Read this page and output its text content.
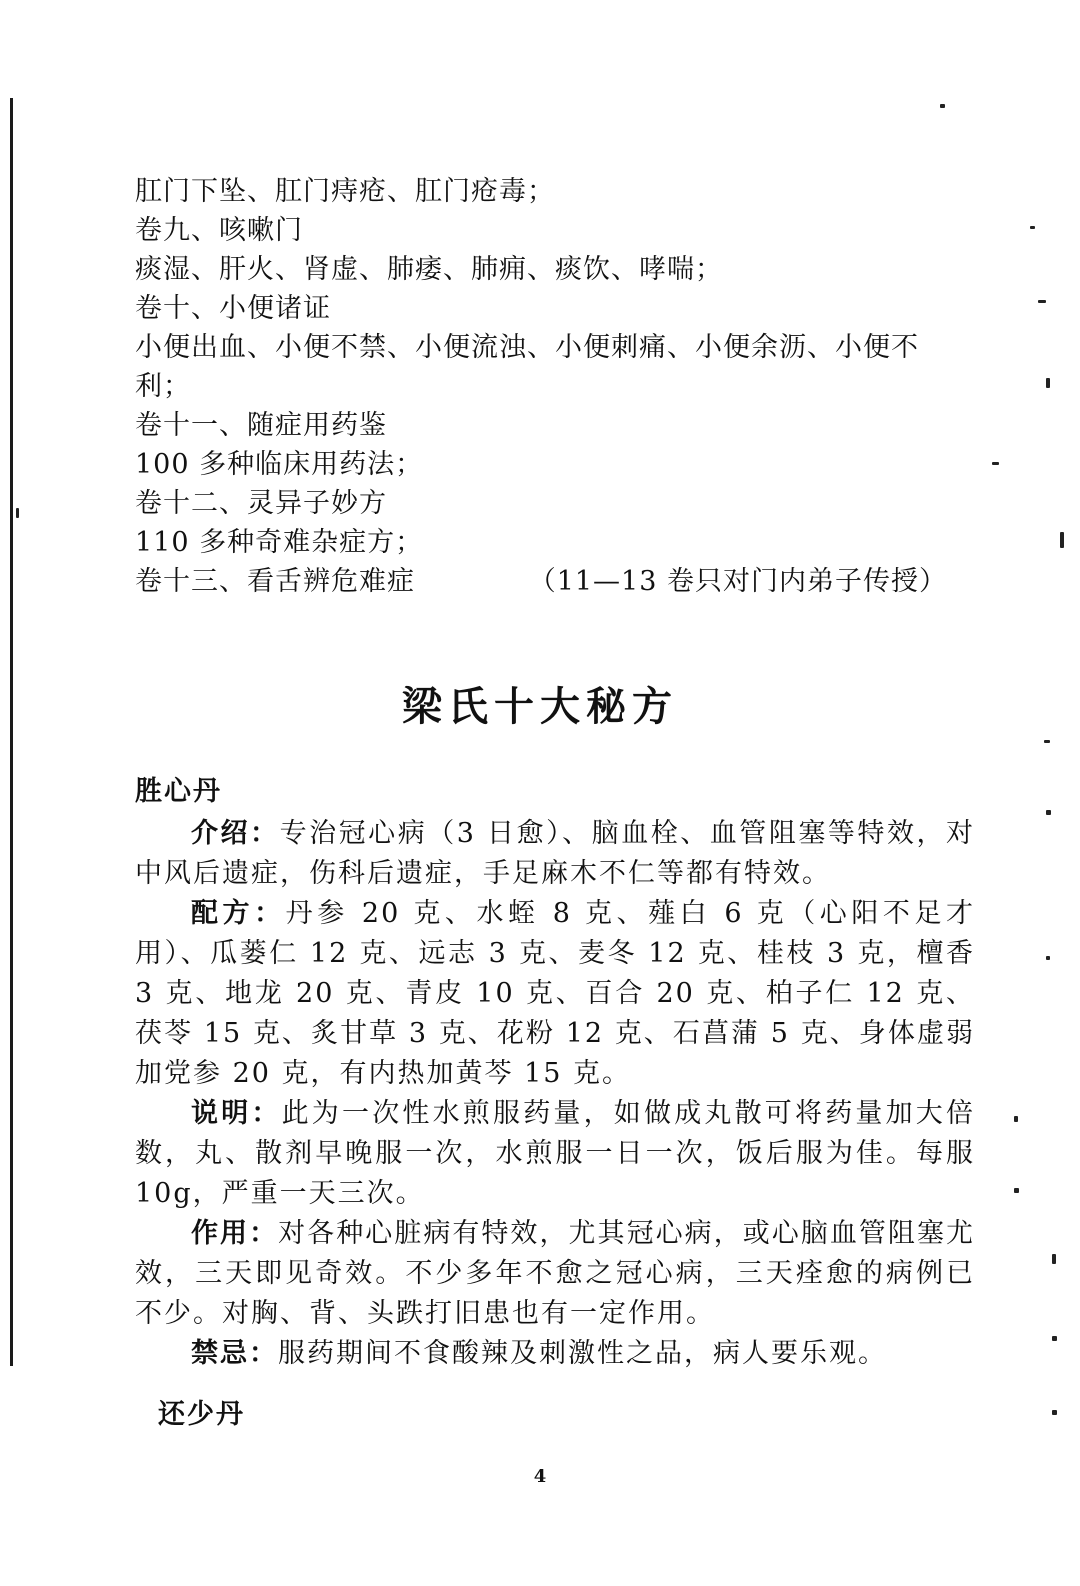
肛门下坠、肛门痔疮、肛门疮毒；
卷九、咳嗽门
痰湿、肝火、肾虚、肺痿、肺痈、痰饮、哮喘；
卷十、小便诸证
小便出血、小便不禁、小便流浊、小便刺痛、小便余沥、小便不
利；
卷十一、随症用药鉴
100 多种临床用药法；
卷十二、灵异子妙方
110 多种奇难杂症方；
卷十三、看舌辨危难症	（11—13 卷只对门内弟子传授）
梁氏十大秘方
胜心丹

介绍：专治冠心病（3 日愈）、脑血栓、血管阻塞等特效，对中风后遗症，伤科后遗症，手足麻木不仁等都有特效。

配方：丹参 20 克、水蛭 8 克、薤白 6 克（心阳不足才用）、瓜蒌仁 12 克、远志 3 克、麦冬 12 克、桂枝 3 克，檀香 3 克、地龙 20 克、青皮 10 克、百合 20 克、柏子仁 12 克、茯苓 15 克、炙甘草 3 克、花粉 12 克、石菖蒲 5 克、身体虚弱加党参 20 克，有内热加黄芩 15 克。

说明：此为一次性水煎服药量，如做成丸散可将药量加大倍数，丸、散剂早晚服一次，水煎服一日一次，饭后服为佳。每服 10g，严重一天三次。

作用：对各种心脏病有特效，尤其冠心病，或心脑血管阻塞尤效，三天即见奇效。不少多年不愈之冠心病，三天痊愈的病例已不少。对胸、背、头跌打旧患也有一定作用。

禁忌：服药期间不食酸辣及刺激性之品，病人要乐观。

还少丹
4
